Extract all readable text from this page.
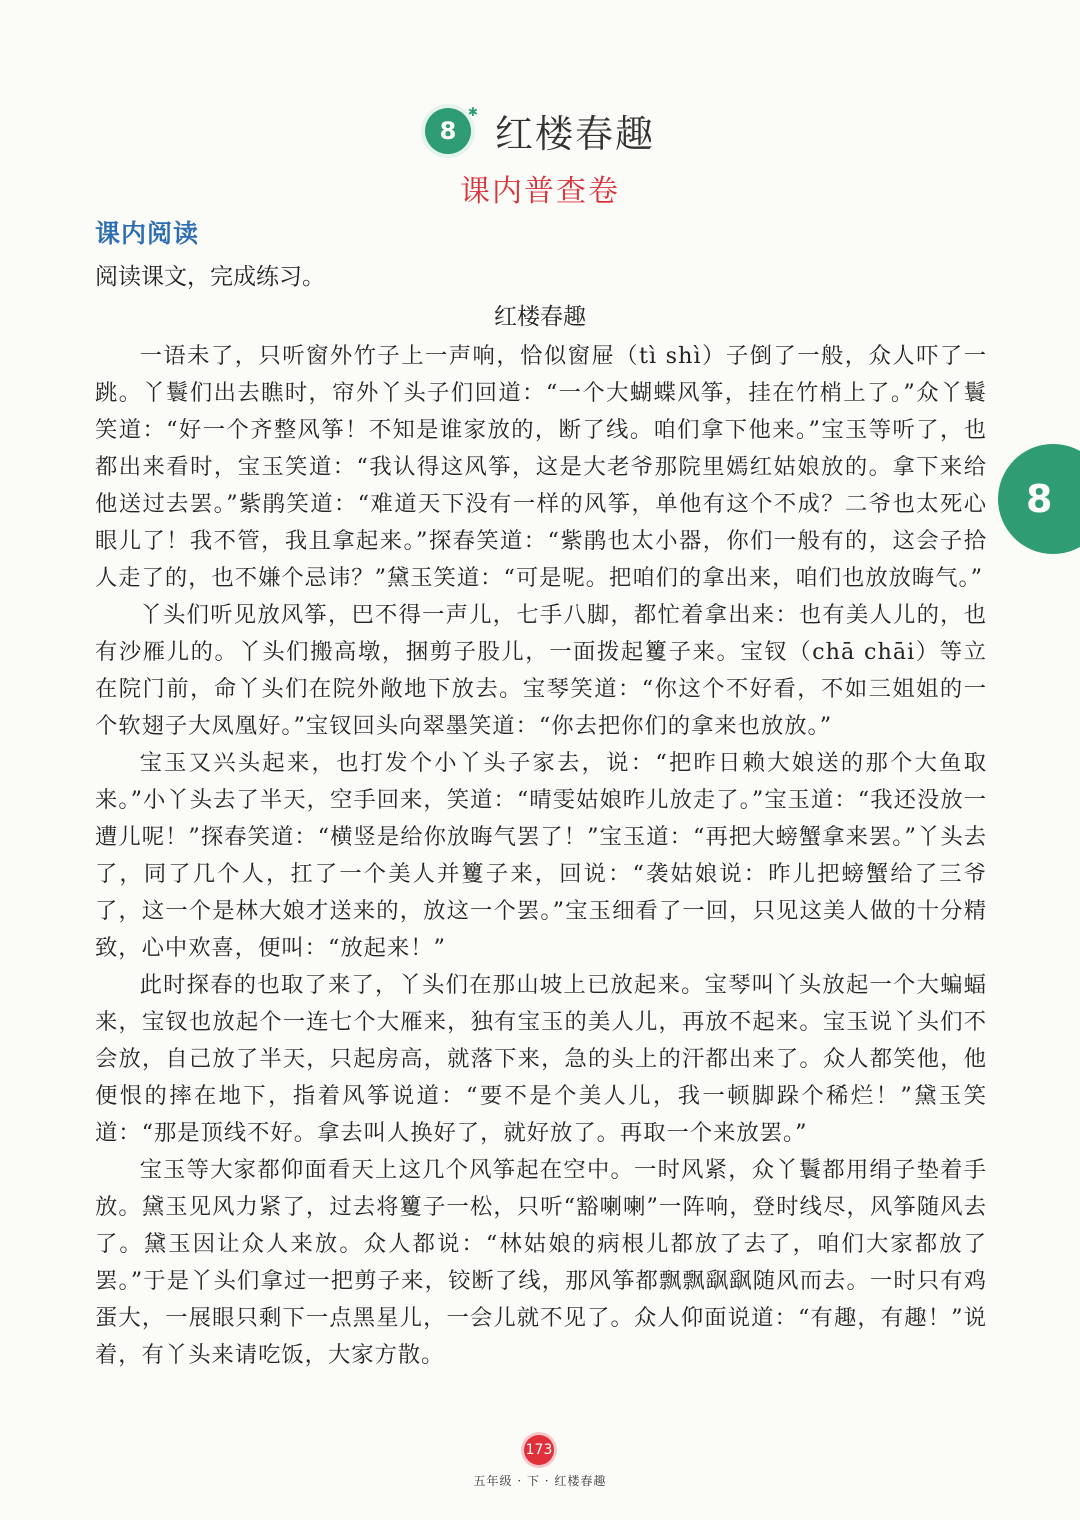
8
✱
红楼春趣
课内普查卷
课内阅读
阅读课文，完成练习。
红楼春趣

一语未了，只听窗外竹子上一声响，恰似窗屉（tì shì）子倒了一般，众人吓了一跳。丫鬟们出去瞧时，帘外丫头子们回道：“一个大蝴蝶风筝，挂在竹梢上了。”众丫鬟笑道：“好一个齐整风筝！不知是谁家放的，断了线。咱们拿下他来。”宝玉等听了，也都出来看时，宝玉笑道：“我认得这风筝，这是大老爷那院里嫣红姑娘放的。拿下来给他送过去罢。”紫鹃笑道：“难道天下没有一样的风筝，单他有这个不成？二爷也太死心眼儿了！我不管，我且拿起来。”探春笑道：“紫鹃也太小器，你们一般有的，这会子拾人走了的，也不嫌个忌讳？”黛玉笑道：“可是呢。把咱们的拿出来，咱们也放放晦气。”

丫头们听见放风筝，巴不得一声儿，七手八脚，都忙着拿出来：也有美人儿的，也有沙雁儿的。丫头们搬高墩，捆剪子股儿，一面拨起籰子来。宝钗（chā chāi）等立在院门前，命丫头们在院外敞地下放去。宝琴笑道：“你这个不好看，不如三姐姐的一个软翅子大凤凰好。”宝钗回头向翠墨笑道：“你去把你们的拿来也放放。”

宝玉又兴头起来，也打发个小丫头子家去，说：“把昨日赖大娘送的那个大鱼取来。”小丫头去了半天，空手回来，笑道：“晴雯姑娘昨儿放走了。”宝玉道：“我还没放一遭儿呢！”探春笑道：“横竖是给你放晦气罢了！”宝玉道：“再把大螃蟹拿来罢。”丫头去了，同了几个人，扛了一个美人并籰子来，回说：“袭姑娘说：昨儿把螃蟹给了三爷了，这一个是林大娘才送来的，放这一个罢。”宝玉细看了一回，只见这美人做的十分精致，心中欢喜，便叫：“放起来！”

此时探春的也取了来了，丫头们在那山坡上已放起来。宝琴叫丫头放起一个大蝙蝠来，宝钗也放起个一连七个大雁来，独有宝玉的美人儿，再放不起来。宝玉说丫头们不会放，自己放了半天，只起房高，就落下来，急的头上的汗都出来了。众人都笑他，他便恨的摔在地下，指着风筝说道：“要不是个美人儿，我一顿脚跺个稀烂！”黛玉笑道：“那是顶线不好。拿去叫人换好了，就好放了。再取一个来放罢。”

宝玉等大家都仰面看天上这几个风筝起在空中。一时风紧，众丫鬟都用绢子垫着手放。黛玉见风力紧了，过去将籰子一松，只听“豁喇喇”一阵响，登时线尽，风筝随风去了。黛玉因让众人来放。众人都说：“林姑娘的病根儿都放了去了，咱们大家都放了罢。”于是丫头们拿过一把剪子来，铰断了线，那风筝都飘飘飖飖随风而去。一时只有鸡蛋大，一展眼只剩下一点黑星儿，一会儿就不见了。众人仰面说道：“有趣，有趣！”说着，有丫头来请吃饭，大家方散。

8
173
五年级 · 下 · 红楼春趣
